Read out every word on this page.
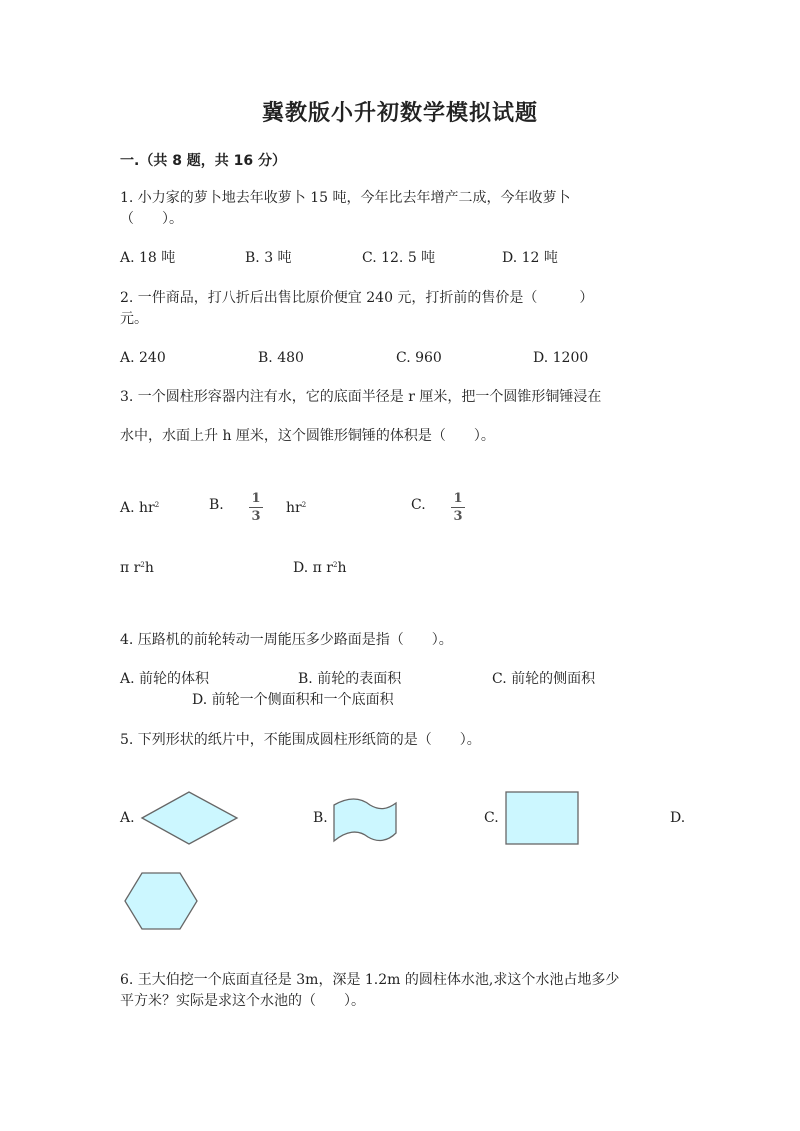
冀教版小升初数学模拟试题
一.（共 8 题，共 16 分）
1. 小力家的萝卜地去年收萝卜 15 吨，今年比去年增产二成，今年收萝卜
（　　）。
A. 18 吨	B. 3 吨	C. 12. 5 吨	D. 12 吨
2. 一件商品，打八折后出售比原价便宜 240 元，打折前的售价是（　　　）
元。
A. 240	B. 480	C. 960	D. 1200
3. 一个圆柱形容器内注有水，它的底面半径是 r 厘米，把一个圆锥形铜锤浸在
水中，水面上升 h 厘米，这个圆锥形铜锤的体积是（　　）。
A. $hr^2$	B. 1
3
$hr^2$	C. 1
3
π $r^2h$	D. π $r^2h$
4. 压路机的前轮转动一周能压多少路面是指（　　）。
A. 前轮的体积	B. 前轮的表面积	C. 前轮的侧面积
D. 前轮一个侧面积和一个底面积
5. 下列形状的纸片中，不能围成圆柱形纸筒的是（　　）。
A.	B.	C.	D.
6. 王大伯挖一个底面直径是 3m，深是 1.2m 的圆柱体水池,求这个水池占地多少
平方米？实际是求这个水池的（　　）。
